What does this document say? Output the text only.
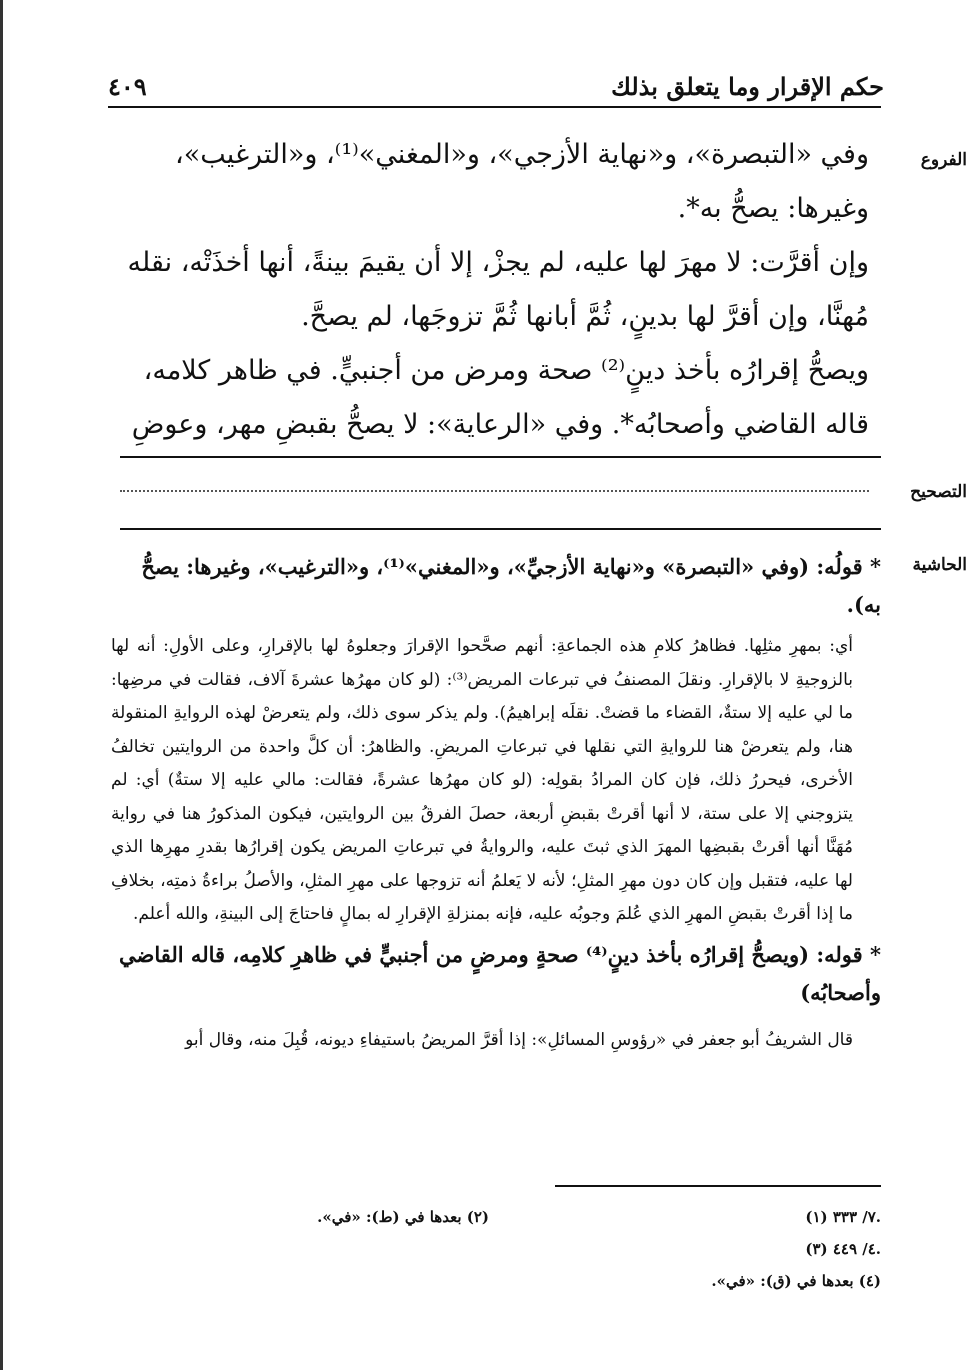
حكم الإقرار وما يتعلق بذلك
٤٠٩
الفروع
التصحيح
الحاشية

وفي «التبصرة»، و«نهاية الأزجي»، و«المغني»⁽¹⁾، و«الترغيب»، وغيرها: يصحُّ به*.

وإن أقرَّت: لا مهرَ لها عليه، لم يجزْ، إلا أن يقيمَ بينةً، أنها أخذَتْه، نقله مُهنَّا، وإن أقرَّ لها بدينٍ، ثُمَّ أبانها ثُمَّ تزوجَها، لم يصحَّ.

ويصحُّ إقرارُه بأخذ دينٍ⁽²⁾ صحة ومرض من أجنبيٍّ. في ظاهر كلامه، قاله القاضي وأصحابُه*. وفي «الرعاية»: لا يصحُّ بقبضِ مهر، وعوضِ

* قولُه: (وفي «التبصرة» و«نهاية الأزجيِّ»، و«المغني»⁽¹⁾، و«الترغيب»، وغيرها: يصحُّ به).
أي: بمهرِ مثلِها. فظاهرُ كلامِ هذه الجماعةِ: أنهم صحَّحوا الإقرارَ وجعلوهُ لها بالإقرارِ، وعلى الأولِ: أنه لها بالزوجيةِ لا بالإقرارِ. ونقلَ المصنفُ في تبرعات المريض⁽³⁾: (لو كان مهرُها عشرةَ آلاف، فقالت في مرضِها: ما لي عليه إلا ستةٌ، القضاء ما قضتْ. نقلَه إبراهيمُ). ولم يذكر سوى ذلك، ولم يتعرضْ لهذه الروايةِ المنقولة هنا، ولم يتعرضْ هنا للروايةِ التي نقلها في تبرعاتِ المريضِ. والظاهرُ: أن كلَّ واحدة من الروايتين تخالفُ الأخرى، فيحررُ ذلك، فإن كان المرادُ بقولِه: (لو كان مهرُها عشرةً، فقالت: مالي عليه إلا ستةٌ) أي: لم يتزوجني إلا على ستة، لا أنها أقرتْ بقبضِ أربعة، حصلَ الفرقُ بين الروايتين، فيكون المذكورُ هنا في رواية مُهَنَّا أنها أقرتْ بقبضِها المهرَ الذي ثبتَ عليه، والروايةُ في تبرعاتِ المريض يكون إقرارُها بقدرِ مهرِها الذي لها عليه، فتقبل وإن كان دون مهرِ المثلِ؛ لأنه لا يَعلمُ أنه تزوجها على مهرِ المثلِ، والأصلُ براءةُ ذمتِه، بخلافِ ما إذا أقرتْ بقبضِ المهرِ الذي عُلمَ وجوبُه عليه، فإنه بمنزلةِ الإقرارِ له بمالٍ فاحتاجَ إلى البينةِ، والله أعلم.
* قوله: (ويصحُّ إقرارُه بأخذ دينٍ⁽⁴⁾ صحةٍ ومرضٍ من أجنبيٍّ في ظاهرِ كلامِه، قاله القاضي وأصحابُه)
قال الشريفُ أبو جعفر في «رؤوسِ المسائلِ»: إذا أقرَّ المريضُ باستيفاءِ ديونه، قُبِلَ منه، وقال أبو
(١) ٧/ ٣٣٣.
(٢) بعدها في (ط): «في».
(٣) ٤/ ٤٤٩.
(٤) بعدها في (ق): «في».
